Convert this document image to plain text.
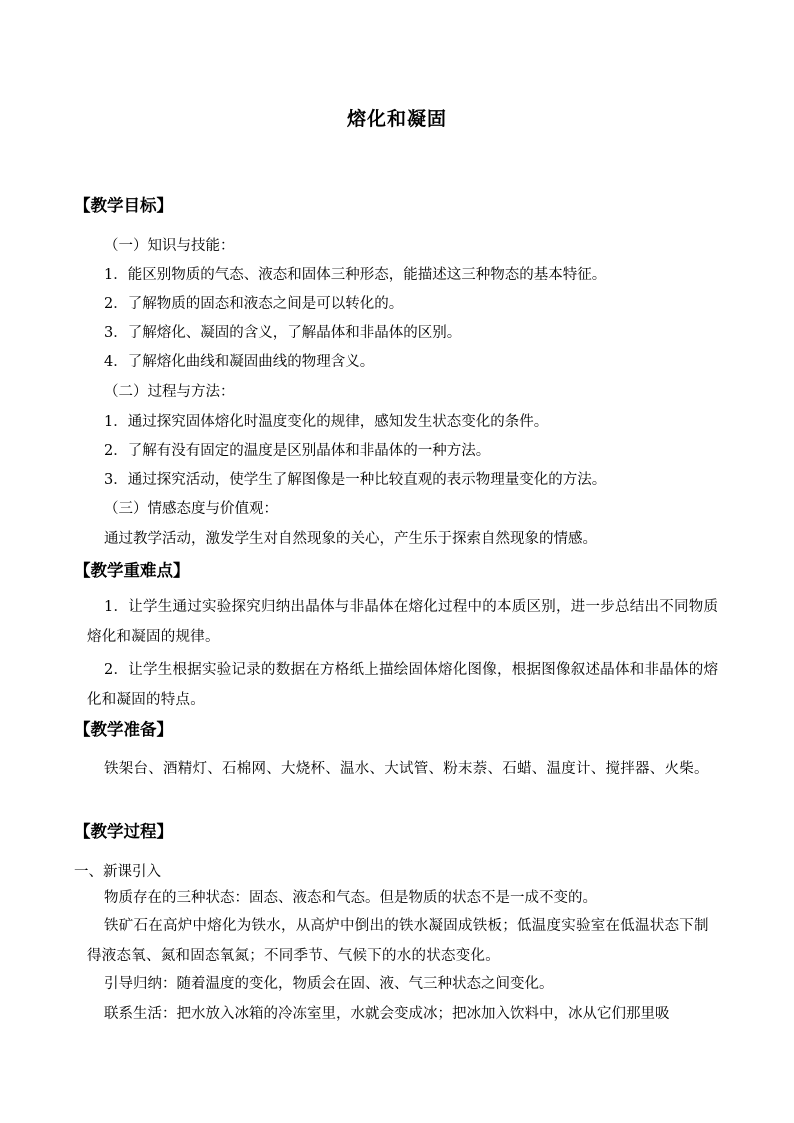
熔化和凝固
【教学目标】
（一）知识与技能：
1．能区别物质的气态、液态和固体三种形态，能描述这三种物态的基本特征。
2．了解物质的固态和液态之间是可以转化的。
3．了解熔化、凝固的含义，了解晶体和非晶体的区别。
4．了解熔化曲线和凝固曲线的物理含义。
（二）过程与方法：
1．通过探究固体熔化时温度变化的规律，感知发生状态变化的条件。
2．了解有没有固定的温度是区别晶体和非晶体的一种方法。
3．通过探究活动，使学生了解图像是一种比较直观的表示物理量变化的方法。
（三）情感态度与价值观：
通过教学活动，激发学生对自然现象的关心，产生乐于探索自然现象的情感。
【教学重难点】
1．让学生通过实验探究归纳出晶体与非晶体在熔化过程中的本质区别，进一步总结出不同物质熔化和凝固的规律。
2．让学生根据实验记录的数据在方格纸上描绘固体熔化图像，根据图像叙述晶体和非晶体的熔化和凝固的特点。
【教学准备】
铁架台、酒精灯、石棉网、大烧杯、温水、大试管、粉末萘、石蜡、温度计、搅拌器、火柴。
【教学过程】
一、新课引入
物质存在的三种状态：固态、液态和气态。但是物质的状态不是一成不变的。
铁矿石在高炉中熔化为铁水，从高炉中倒出的铁水凝固成铁板；低温度实验室在低温状态下制得液态氧、氮和固态氧氮；不同季节、气候下的水的状态变化。
引导归纳：随着温度的变化，物质会在固、液、气三种状态之间变化。
联系生活：把水放入冰箱的冷冻室里，水就会变成冰；把冰加入饮料中，冰从它们那里吸
